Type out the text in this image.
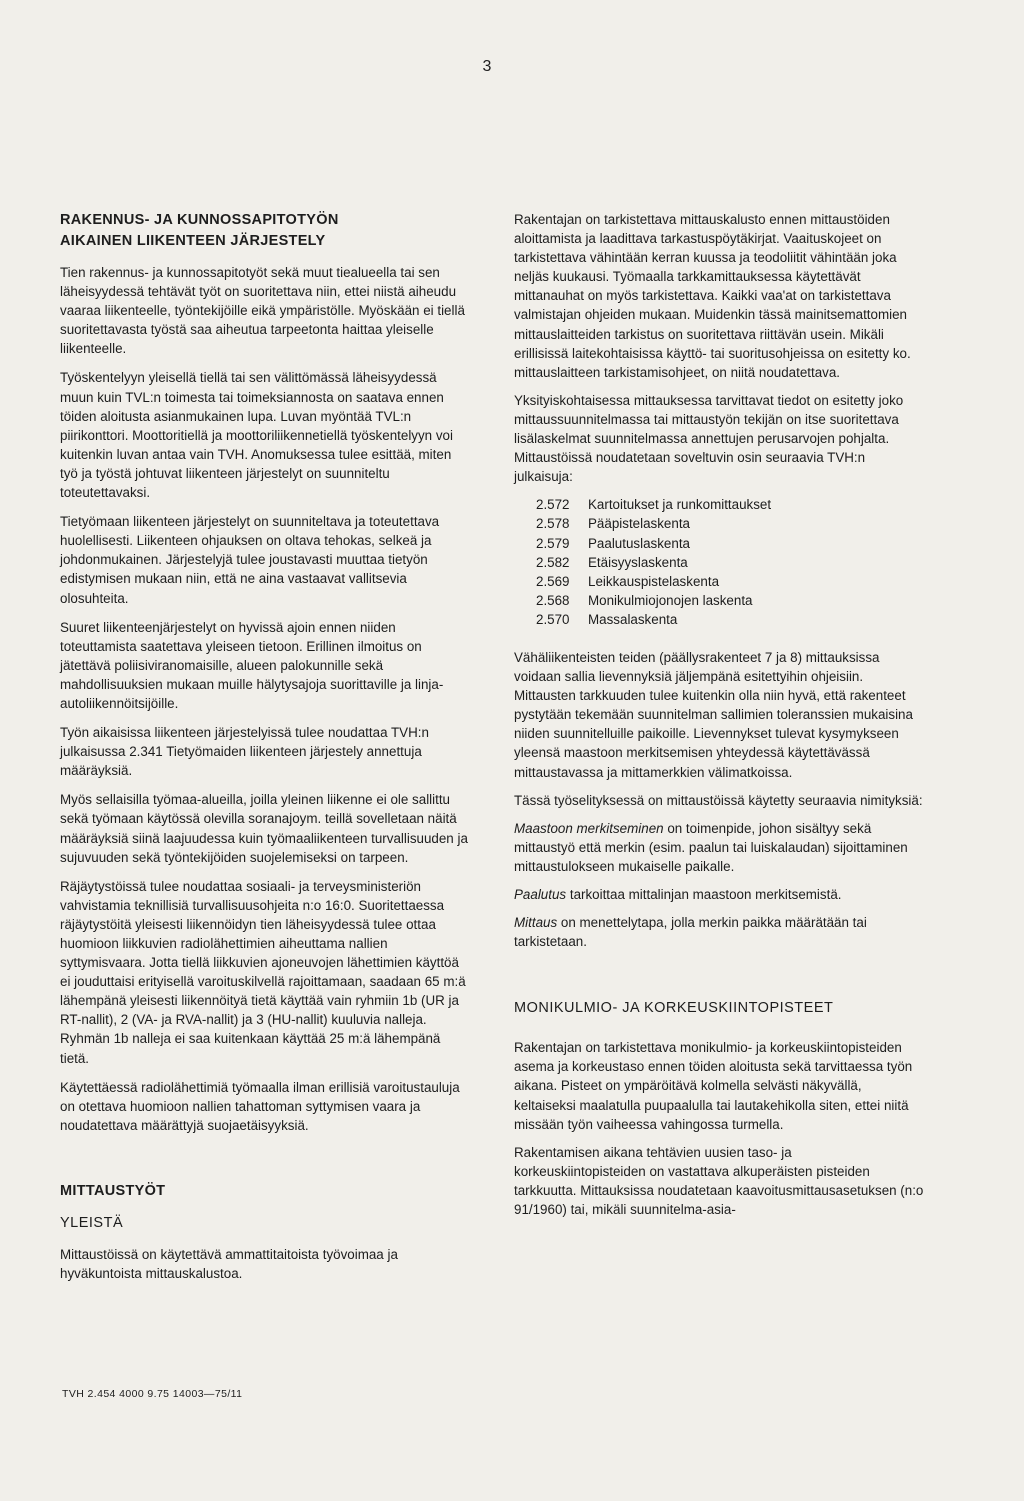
3
RAKENNUS- JA KUNNOSSAPITOTYÖN
AIKAINEN LIIKENTEEN JÄRJESTELY

Tien rakennus- ja kunnossapitotyöt sekä muut tiealueella tai sen läheisyydessä tehtävät työt on suoritettava niin, ettei niistä aiheudu vaaraa liikenteelle, työntekijöille eikä ympäristölle. Myöskään ei tiellä suoritettavasta työstä saa aiheutua tarpeetonta haittaa yleiselle liikenteelle.

Työskentelyyn yleisellä tiellä tai sen välittömässä läheisyydessä muun kuin TVL:n toimesta tai toimeksiannosta on saatava ennen töiden aloitusta asianmukainen lupa. Luvan myöntää TVL:n piirikonttori. Moottoritiellä ja moottoriliikennetiellä työskentelyyn voi kuitenkin luvan antaa vain TVH. Anomuksessa tulee esittää, miten työ ja työstä johtuvat liikenteen järjestelyt on suunniteltu toteutettavaksi.

Tietyömaan liikenteen järjestelyt on suunniteltava ja toteutettava huolellisesti. Liikenteen ohjauksen on oltava tehokas, selkeä ja johdonmukainen. Järjestelyjä tulee joustavasti muuttaa tietyön edistymisen mukaan niin, että ne aina vastaavat vallitsevia olosuhteita.

Suuret liikenteenjärjestelyt on hyvissä ajoin ennen niiden toteuttamista saatettava yleiseen tietoon. Erillinen ilmoitus on jätettävä poliisiviranomaisille, alueen palokunnille sekä mahdollisuuksien mukaan muille hälytysajoja suorittaville ja linja-autoliikennöitsijöille.

Työn aikaisissa liikenteen järjestelyissä tulee noudattaa TVH:n julkaisussa 2.341 Tietyömaiden liikenteen järjestely annettuja määräyksiä.

Myös sellaisilla työmaa-alueilla, joilla yleinen liikenne ei ole sallittu sekä työmaan käytössä olevilla soranajoym. teillä sovelletaan näitä määräyksiä siinä laajuudessa kuin työmaaliikenteen turvallisuuden ja sujuvuuden sekä työntekijöiden suojelemiseksi on tarpeen.

Räjäytystöissä tulee noudattaa sosiaali- ja terveysministeriön vahvistamia teknillisiä turvallisuusohjeita n:o 16:0. Suoritettaessa räjäytystöitä yleisesti liikennöidyn tien läheisyydessä tulee ottaa huomioon liikkuvien radiolähettimien aiheuttama nallien syttymisvaara. Jotta tiellä liikkuvien ajoneuvojen lähettimien käyttöä ei jouduttaisi erityisellä varoituskilvellä rajoittamaan, saadaan 65 m:ä lähempänä yleisesti liikennöityä tietä käyttää vain ryhmiin 1b (UR ja RT-nallit), 2 (VA- ja RVA-nallit) ja 3 (HU-nallit) kuuluvia nalleja. Ryhmän 1b nalleja ei saa kuitenkaan käyttää 25 m:ä lähempänä tietä.

Käytettäessä radiolähettimiä työmaalla ilman erillisiä varoitustauluja on otettava huomioon nallien tahattoman syttymisen vaara ja noudatettava määrättyjä suojaetäisyyksiä.

MITTAUSTYÖT
YLEISTÄ

Mittaustöissä on käytettävä ammattitaitoista työvoimaa ja hyväkuntoista mittauskalustoa.

Rakentajan on tarkistettava mittauskalusto ennen mittaustöiden aloittamista ja laadittava tarkastuspöytäkirjat. Vaaituskojeet on tarkistettava vähintään kerran kuussa ja teodoliitit vähintään joka neljäs kuukausi. Työmaalla tarkkamittauksessa käytettävät mittanauhat on myös tarkistettava. Kaikki vaa'at on tarkistettava valmistajan ohjeiden mukaan. Muidenkin tässä mainitsemattomien mittauslaitteiden tarkistus on suoritettava riittävän usein. Mikäli erillisissä laitekohtaisissa käyttö- tai suoritusohjeissa on esitetty ko. mittauslaitteen tarkistamisohjeet, on niitä noudatettava.

Yksityiskohtaisessa mittauksessa tarvittavat tiedot on esitetty joko mittaussuunnitelmassa tai mittaustyön tekijän on itse suoritettava lisälaskelmat suunnitelmassa annettujen perusarvojen pohjalta. Mittaustöissä noudatetaan soveltuvin osin seuraavia TVH:n julkaisuja:

2.572	Kartoitukset ja runkomittaukset
2.578	Pääpistelaskenta
2.579	Paalutuslaskenta
2.582	Etäisyyslaskenta
2.569	Leikkauspistelaskenta
2.568	Monikulmiojonojen laskenta
2.570	Massalaskenta

Vähäliikenteisten teiden (päällysrakenteet 7 ja 8) mittauksissa voidaan sallia lievennyksiä jäljempänä esitettyihin ohjeisiin. Mittausten tarkkuuden tulee kuitenkin olla niin hyvä, että rakenteet pystytään tekemään suunnitelman sallimien toleranssien mukaisina niiden suunnitelluille paikoille. Lievennykset tulevat kysymykseen yleensä maastoon merkitsemisen yhteydessä käytettävässä mittaustavassa ja mittamerkkien välimatkoissa.

Tässä työselityksessä on mittaustöissä käytetty seuraavia nimityksiä:

Maastoon merkitseminen on toimenpide, johon sisältyy sekä mittaustyö että merkin (esim. paalun tai luiskalaudan) sijoittaminen mittaustulokseen mukaiselle paikalle.

Paalutus tarkoittaa mittalinjan maastoon merkitsemistä.

Mittaus on menettelytapa, jolla merkin paikka määrätään tai tarkistetaan.

MONIKULMIO- JA KORKEUSKIINTOPISTEET

Rakentajan on tarkistettava monikulmio- ja korkeuskiintopisteiden asema ja korkeustaso ennen töiden aloitusta sekä tarvittaessa työn aikana. Pisteet on ympäröitävä kolmella selvästi näkyvällä, keltaiseksi maalatulla puupaalulla tai lautakehikolla siten, ettei niitä missään työn vaiheessa vahingossa turmella.

Rakentamisen aikana tehtävien uusien taso- ja korkeuskiintopisteiden on vastattava alkuperäisten pisteiden tarkkuutta. Mittauksissa noudatetaan kaavoitusmittausasetuksen (n:o 91/1960) tai, mikäli suunnitelma-asia-

TVH 2.454 4000 9.75 14003—75/11
